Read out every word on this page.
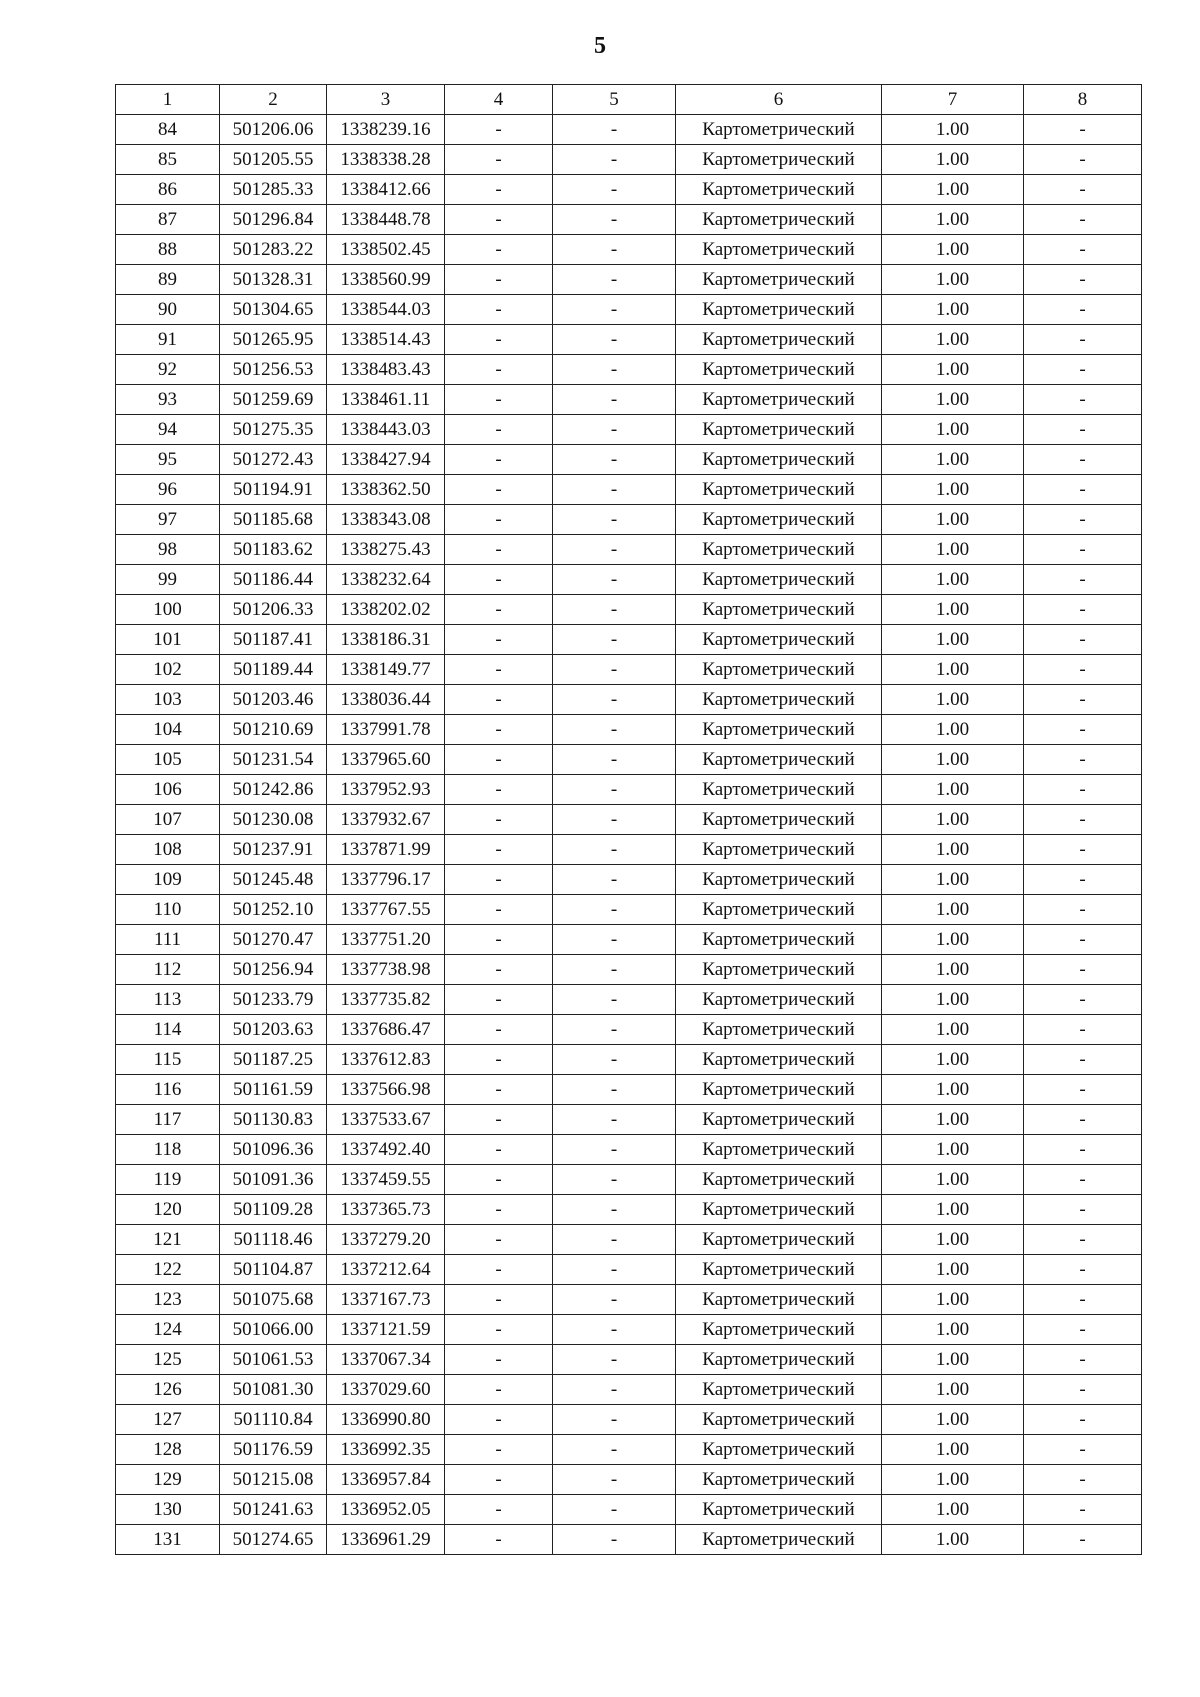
5
1	2	3	4	5	6	7	8
84	501206.06	1338239.16	-	-	Картометрический	1.00	-
85	501205.55	1338338.28	-	-	Картометрический	1.00	-
86	501285.33	1338412.66	-	-	Картометрический	1.00	-
87	501296.84	1338448.78	-	-	Картометрический	1.00	-
88	501283.22	1338502.45	-	-	Картометрический	1.00	-
89	501328.31	1338560.99	-	-	Картометрический	1.00	-
90	501304.65	1338544.03	-	-	Картометрический	1.00	-
91	501265.95	1338514.43	-	-	Картометрический	1.00	-
92	501256.53	1338483.43	-	-	Картометрический	1.00	-
93	501259.69	1338461.11	-	-	Картометрический	1.00	-
94	501275.35	1338443.03	-	-	Картометрический	1.00	-
95	501272.43	1338427.94	-	-	Картометрический	1.00	-
96	501194.91	1338362.50	-	-	Картометрический	1.00	-
97	501185.68	1338343.08	-	-	Картометрический	1.00	-
98	501183.62	1338275.43	-	-	Картометрический	1.00	-
99	501186.44	1338232.64	-	-	Картометрический	1.00	-
100	501206.33	1338202.02	-	-	Картометрический	1.00	-
101	501187.41	1338186.31	-	-	Картометрический	1.00	-
102	501189.44	1338149.77	-	-	Картометрический	1.00	-
103	501203.46	1338036.44	-	-	Картометрический	1.00	-
104	501210.69	1337991.78	-	-	Картометрический	1.00	-
105	501231.54	1337965.60	-	-	Картометрический	1.00	-
106	501242.86	1337952.93	-	-	Картометрический	1.00	-
107	501230.08	1337932.67	-	-	Картометрический	1.00	-
108	501237.91	1337871.99	-	-	Картометрический	1.00	-
109	501245.48	1337796.17	-	-	Картометрический	1.00	-
110	501252.10	1337767.55	-	-	Картометрический	1.00	-
111	501270.47	1337751.20	-	-	Картометрический	1.00	-
112	501256.94	1337738.98	-	-	Картометрический	1.00	-
113	501233.79	1337735.82	-	-	Картометрический	1.00	-
114	501203.63	1337686.47	-	-	Картометрический	1.00	-
115	501187.25	1337612.83	-	-	Картометрический	1.00	-
116	501161.59	1337566.98	-	-	Картометрический	1.00	-
117	501130.83	1337533.67	-	-	Картометрический	1.00	-
118	501096.36	1337492.40	-	-	Картометрический	1.00	-
119	501091.36	1337459.55	-	-	Картометрический	1.00	-
120	501109.28	1337365.73	-	-	Картометрический	1.00	-
121	501118.46	1337279.20	-	-	Картометрический	1.00	-
122	501104.87	1337212.64	-	-	Картометрический	1.00	-
123	501075.68	1337167.73	-	-	Картометрический	1.00	-
124	501066.00	1337121.59	-	-	Картометрический	1.00	-
125	501061.53	1337067.34	-	-	Картометрический	1.00	-
126	501081.30	1337029.60	-	-	Картометрический	1.00	-
127	501110.84	1336990.80	-	-	Картометрический	1.00	-
128	501176.59	1336992.35	-	-	Картометрический	1.00	-
129	501215.08	1336957.84	-	-	Картометрический	1.00	-
130	501241.63	1336952.05	-	-	Картометрический	1.00	-
131	501274.65	1336961.29	-	-	Картометрический	1.00	-
